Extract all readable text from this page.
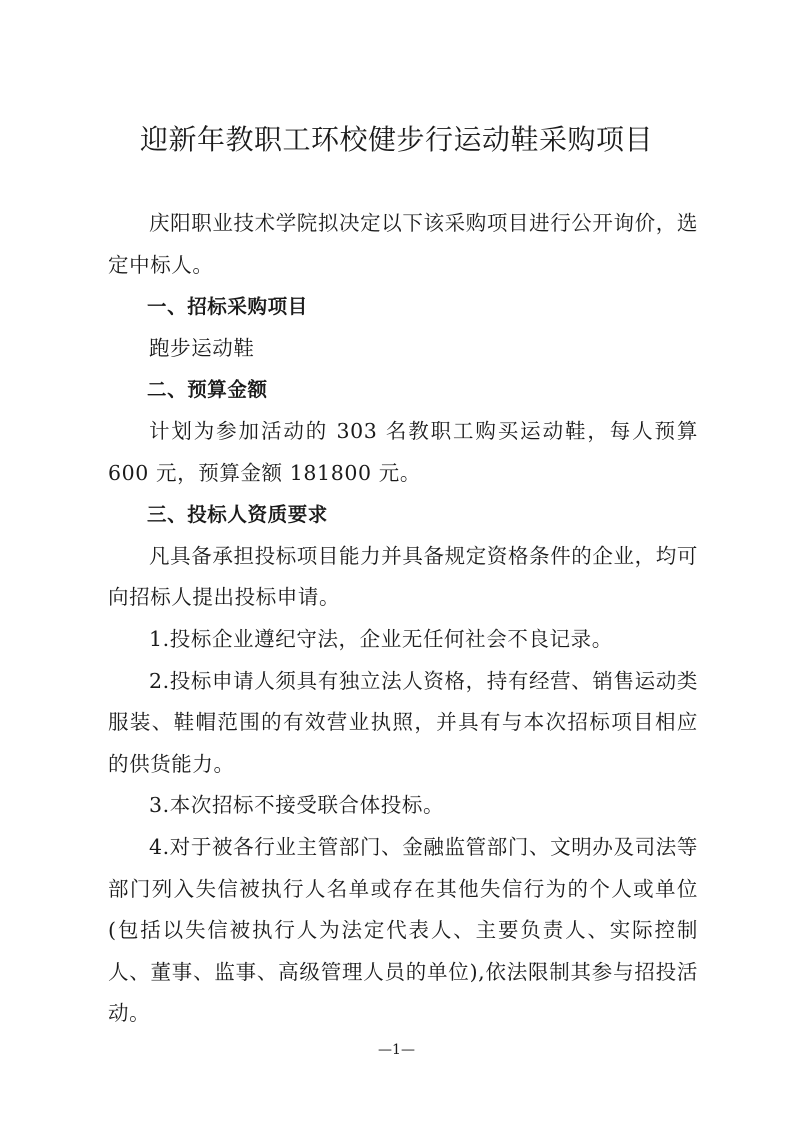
迎新年教职工环校健步行运动鞋采购项目

庆阳职业技术学院拟决定以下该采购项目进行公开询价，选定中标人。

一、招标采购项目

跑步运动鞋

二、预算金额

计划为参加活动的 303 名教职工购买运动鞋，每人预算 600 元，预算金额 181800 元。

三、投标人资质要求

凡具备承担投标项目能力并具备规定资格条件的企业，均可向招标人提出投标申请。

1.投标企业遵纪守法，企业无任何社会不良记录。

2.投标申请人须具有独立法人资格，持有经营、销售运动类服装、鞋帽范围的有效营业执照，并具有与本次招标项目相应的供货能力。

3.本次招标不接受联合体投标。

4.对于被各行业主管部门、金融监管部门、文明办及司法等部门列入失信被执行人名单或存在其他失信行为的个人或单位(包括以失信被执行人为法定代表人、主要负责人、实际控制人、董事、监事、高级管理人员的单位),依法限制其参与招投活动。

—1—
